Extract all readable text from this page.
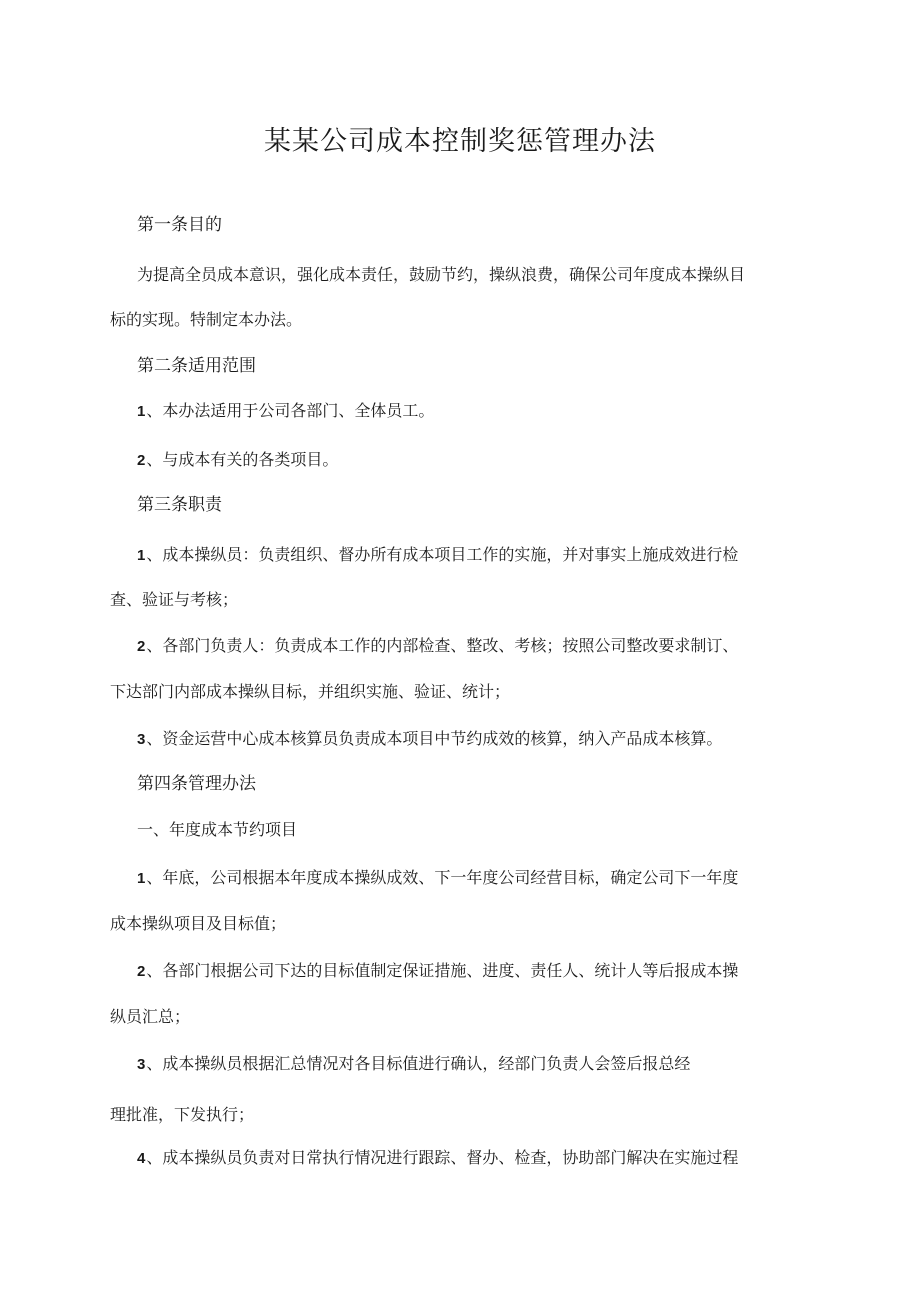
某某公司成本控制奖惩管理办法
第一条目的
为提高全员成本意识，强化成本责任，鼓励节约，操纵浪费，确保公司年度成本操纵目
标的实现。特制定本办法。
第二条适用范围
1、本办法适用于公司各部门、全体员工。
2、与成本有关的各类项目。
第三条职责
1、成本操纵员：负责组织、督办所有成本项目工作的实施，并对事实上施成效进行检
查、验证与考核；
2、各部门负责人：负责成本工作的内部检查、整改、考核；按照公司整改要求制订、
下达部门内部成本操纵目标，并组织实施、验证、统计；
3、资金运营中心成本核算员负责成本项目中节约成效的核算，纳入产品成本核算。
第四条管理办法
一、年度成本节约项目
1、年底，公司根据本年度成本操纵成效、下一年度公司经营目标，确定公司下一年度
成本操纵项目及目标值；
2、各部门根据公司下达的目标值制定保证措施、进度、责任人、统计人等后报成本操
纵员汇总；
3、成本操纵员根据汇总情况对各目标值进行确认，经部门负责人会签后报总经
理批准，下发执行；
4、成本操纵员负责对日常执行情况进行跟踪、督办、检查，协助部门解决在实施过程
